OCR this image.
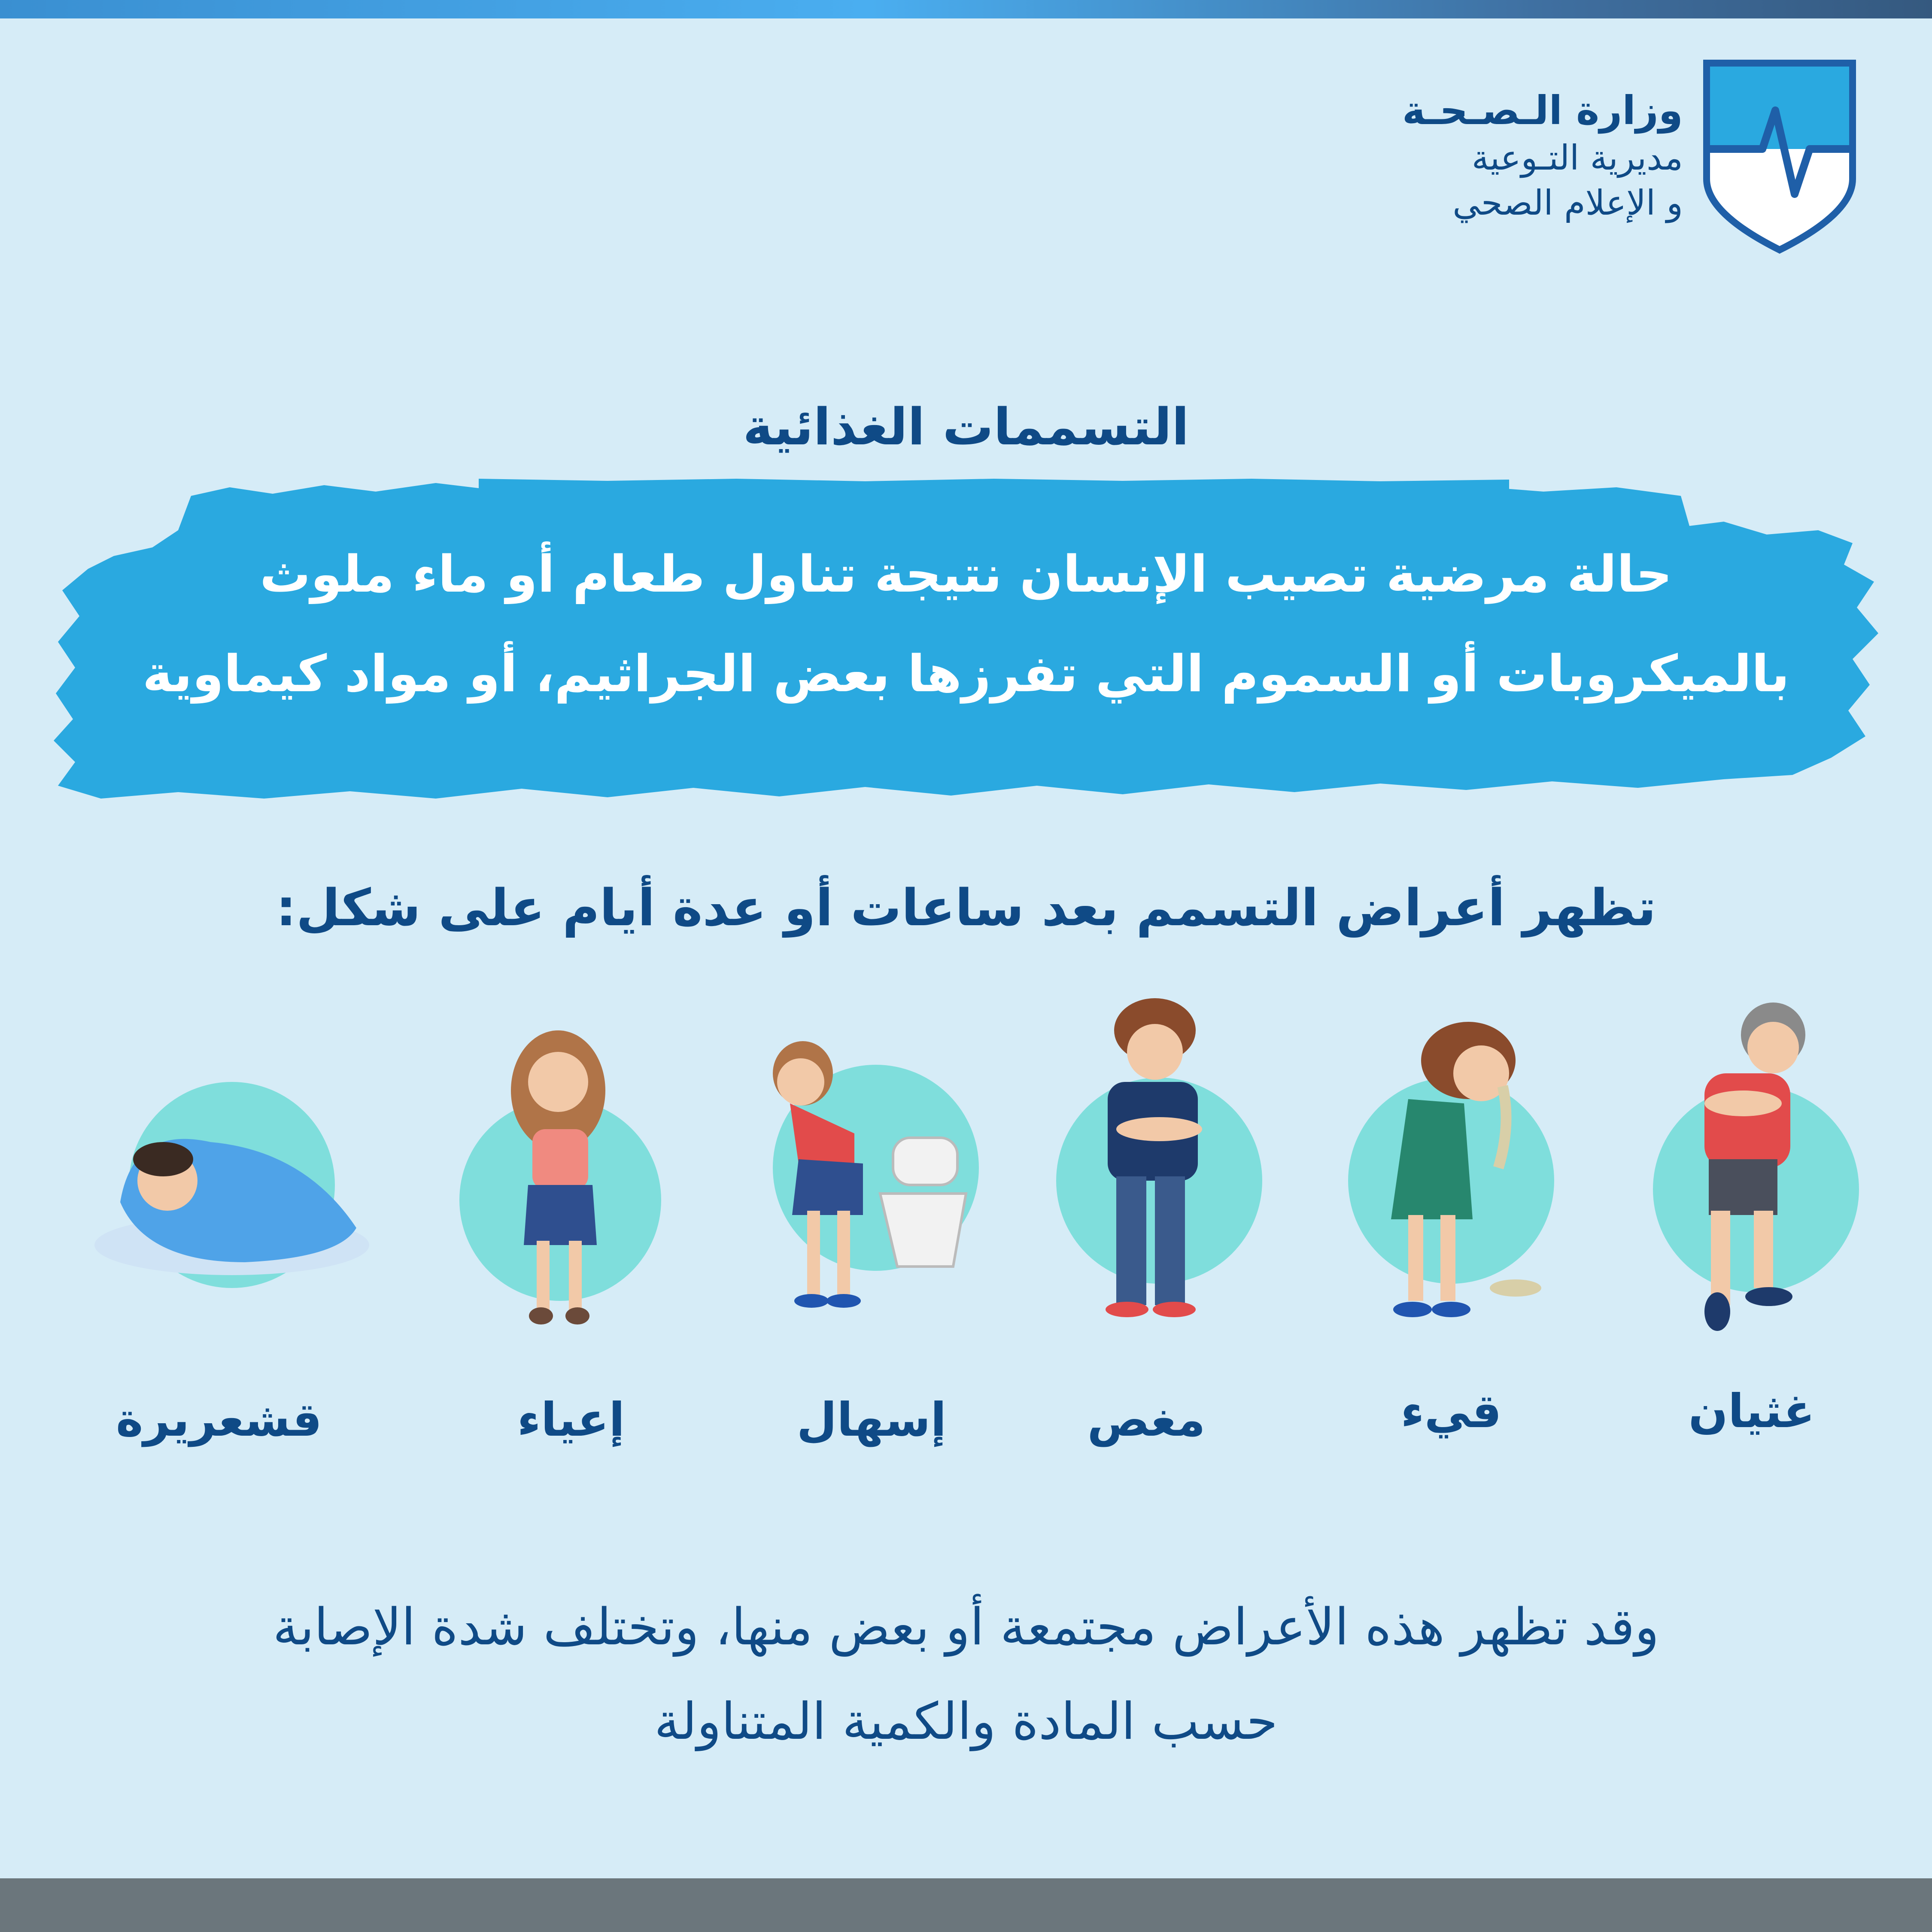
وزارة الـصـحـة
مديرية التـوعية
و الإعلام الصحي
التسممات الغذائية
حالة مرضية تصيب الإنسان نتيجة تناول طعام أو ماء ملوث
بالميكروبات أو السموم التي تفرزها بعض الجراثيم، أو مواد كيماوية
تظهر أعراض التسمم بعد ساعات أو عدة أيام على شكل:
غثيان
قيء
مغص
إسهال
إعياء
قشعريرة
وقد تظهر هذه الأعراض مجتمعة أو بعض منها، وتختلف شدة الإصابة
حسب المادة والكمية المتناولة
